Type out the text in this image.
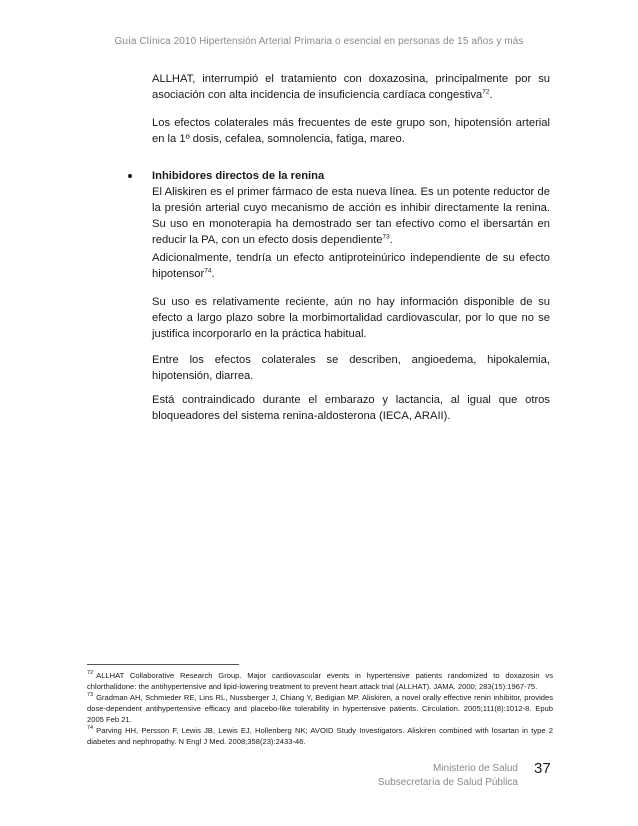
Guía Clínica 2010 Hipertensión Arterial Primaria o esencial en personas de 15 años y más

ALLHAT, interrumpió el tratamiento con doxazosina, principalmente por su asociación con alta incidencia de insuficiencia cardíaca congestiva$^{72}$.

Los efectos colaterales más frecuentes de este grupo son, hipotensión arterial en la 1º dosis, cefalea, somnolencia, fatiga, mareo.

Inhibidores directos de la renina

El Aliskiren es el primer fármaco de esta nueva línea. Es un potente reductor de la presión arterial cuyo mecanismo de acción es inhibir directamente la renina. Su uso en monoterapia ha demostrado ser tan efectivo como el ibersartán en reducir la PA, con un efecto dosis dependiente$^{73}$.

Adicionalmente, tendría un efecto antiproteinúrico independiente de su efecto hipotensor$^{74}$.

Su uso es relativamente reciente, aún no hay información disponible de su efecto a largo plazo sobre la morbimortalidad cardiovascular, por lo que no se justifica incorporarlo en la práctica habitual.

Entre los efectos colaterales se describen, angioedema, hipokalemia, hipotensión, diarrea.

Está contraindicado durante el embarazo y lactancia, al igual que otros bloqueadores del sistema renina-aldosterona (IECA, ARAII).

$^{72}$ ALLHAT Collaborative Research Group. Major cardiovascular events in hypertensive patients randomized to doxazosin vs chlorthalidone: the antihypertensive and lipid-lowering treatment to prevent heart attack trial (ALLHAT). JAMA. 2000; 283(15):1967-75.

$^{73}$ Gradman AH, Schmieder RE, Lins RL, Nussberger J, Chiang Y, Bedigian MP. Aliskiren, a novel orally effective renin inhibitor, provides dose-dependent antihypertensive efficacy and placebo-like tolerability in hypertensive patients. Circulation. 2005;111(8):1012-8. Epub 2005 Feb 21.

$^{74}$ Parving HH, Persson F, Lewis JB, Lewis EJ, Hollenberg NK; AVOID Study Investigators. Aliskiren combined with losartan in type 2 diabetes and nephropathy. N Engl J Med. 2008;358(23):2433-46.

Ministerio de Salud
Subsecretaría de Salud Pública
37
